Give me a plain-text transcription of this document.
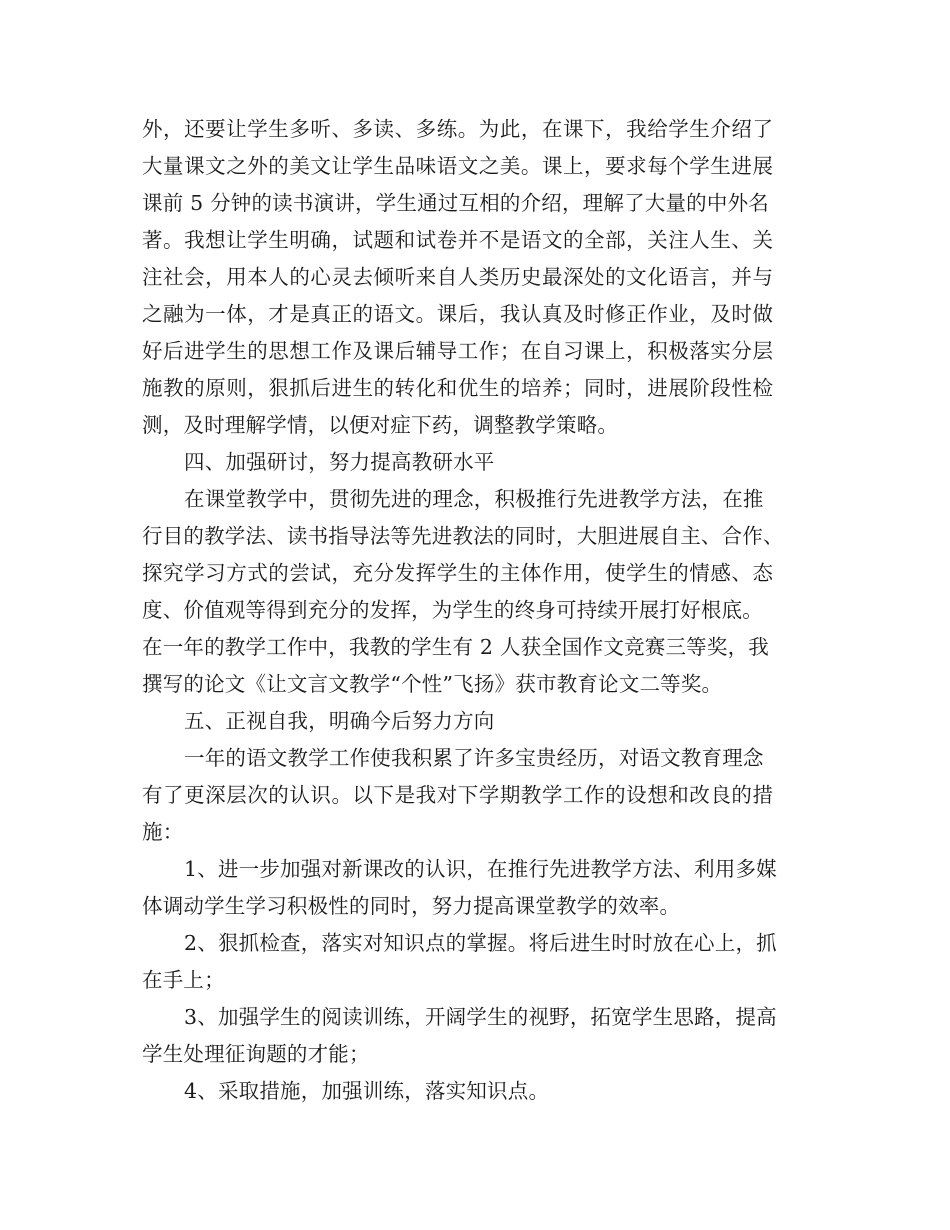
外，还要让学生多听、多读、多练。为此，在课下，我给学生介绍了
大量课文之外的美文让学生品味语文之美。课上，要求每个学生进展
课前 5 分钟的读书演讲，学生通过互相的介绍，理解了大量的中外名
著。我想让学生明确，试题和试卷并不是语文的全部，关注人生、关
注社会，用本人的心灵去倾听来自人类历史最深处的文化语言，并与
之融为一体，才是真正的语文。课后，我认真及时修正作业，及时做
好后进学生的思想工作及课后辅导工作；在自习课上，积极落实分层
施教的原则，狠抓后进生的转化和优生的培养；同时，进展阶段性检
测，及时理解学情，以便对症下药，调整教学策略。
四、加强研讨，努力提高教研水平
在课堂教学中，贯彻先进的理念，积极推行先进教学方法，在推
行目的教学法、读书指导法等先进教法的同时，大胆进展自主、合作、
探究学习方式的尝试，充分发挥学生的主体作用，使学生的情感、态
度、价值观等得到充分的发挥，为学生的终身可持续开展打好根底。
在一年的教学工作中，我教的学生有 2 人获全国作文竞赛三等奖，我
撰写的论文《让文言文教学“个性”飞扬》获市教育论文二等奖。
五、正视自我，明确今后努力方向
一年的语文教学工作使我积累了许多宝贵经历，对语文教育理念
有了更深层次的认识。以下是我对下学期教学工作的设想和改良的措
施：
1、进一步加强对新课改的认识，在推行先进教学方法、利用多媒
体调动学生学习积极性的同时，努力提高课堂教学的效率。
2、狠抓检查，落实对知识点的掌握。将后进生时时放在心上，抓
在手上；
3、加强学生的阅读训练，开阔学生的视野，拓宽学生思路，提高
学生处理征询题的才能；
4、采取措施，加强训练，落实知识点。
